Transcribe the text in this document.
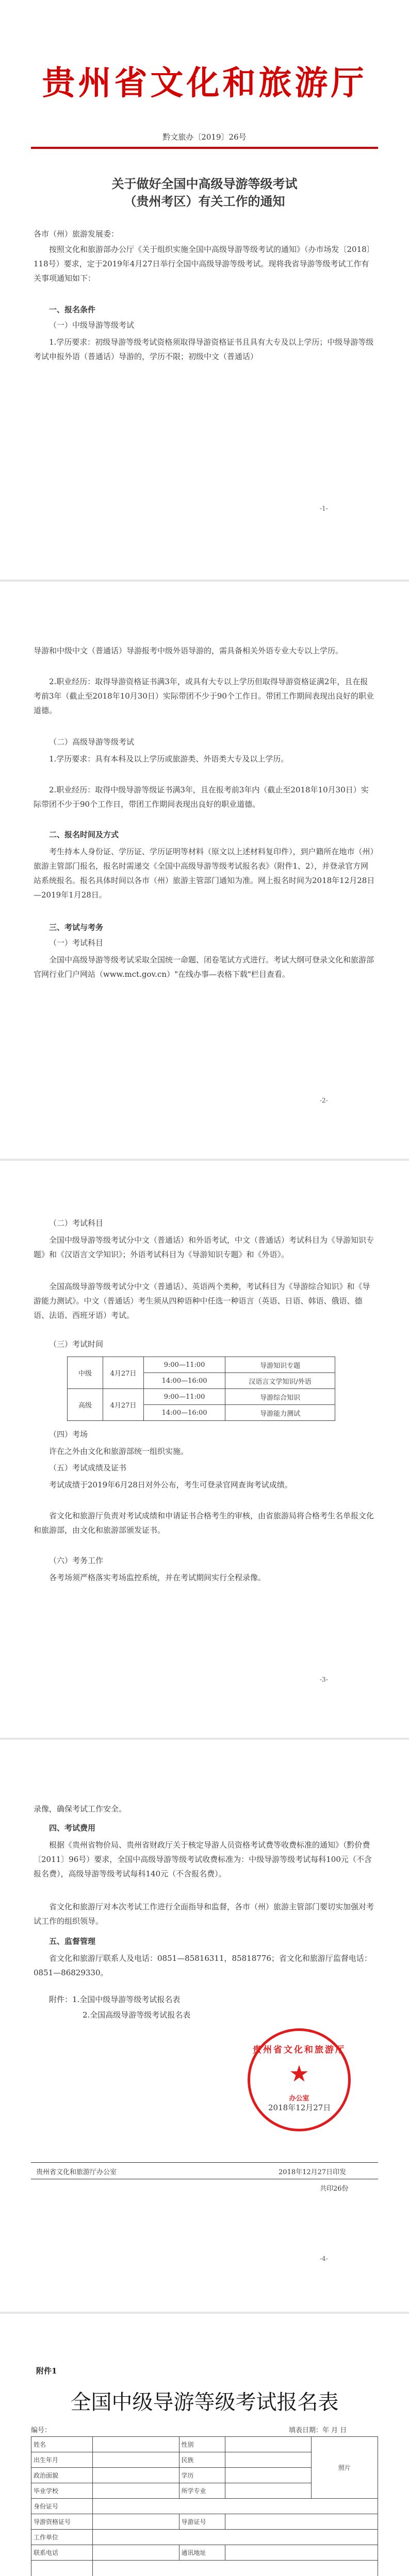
贵州省文化和旅游厅
黔文旅办〔2019〕26号
关于做好全国中高级导游等级考试
（贵州考区）有关工作的通知
各市（州）旅游发展委：
按照文化和旅游部办公厅《关于组织实施全国中高级导游等级考试的通知》（办市场发〔2018〕118号）要求，定于2019年4月27日举行全国中高级导游等级考试。现将我省导游等级考试工作有关事项通知如下：
一、报名条件
（一）中级导游等级考试
1.学历要求：初级导游等级考试资格须取得导游资格证书且具有大专及以上学历；中级导游等级考试申报外语（普通话）导游的，学历不限；初级中文（普通话）
-1-
导游和中级中文（普通话）导游报考中级外语导游的，需具备相关外语专业大专以上学历。
2.职业经历：取得导游资格证书满3年，或具有大专以上学历但取得导游资格证满2年，且在报考前3年（截止至2018年10月30日）实际带团不少于90个工作日。带团工作期间表现出良好的职业道德。
（二）高级导游等级考试
1.学历要求：具有本科及以上学历或旅游类、外语类大专及以上学历。
2.职业经历：取得中级导游等级证书满3年，且在报考前3年内（截止至2018年10月30日）实际带团不少于90个工作日，带团工作期间表现出良好的职业道德。
二、报名时间及方式
考生持本人身份证、学历证、学历证明等材料（原文以上述材料复印件），到户籍所在地市（州）旅游主管部门报名，报名时需递交《全国中高级导游等级考试报名表》（附件1、2），并登录官方网站系统报名。报名具体时间以各市（州）旅游主管部门通知为准。网上报名时间为2018年12月28日—2019年1月28日。
三、考试与考务
（一）考试科目
全国中高级导游等级考试采取全国统一命题、闭卷笔试方式进行。考试大纲可登录文化和旅游部官网行业门户网站（www.mct.gov.cn）"在线办事—表格下载"栏目查看。
-2-
（二）考试科目
全国中级导游等级考试分中文（普通话）和外语考试，中文（普通话）考试科目为《导游知识专题》和《汉语言文学知识》；外语考试科目为《导游知识专题》和《外语》。
全国高级导游等级考试分中文（普通话）、英语两个类种，考试科目为《导游综合知识》和《导游能力测试》。中文（普通话）考生须从四种语种中任选一种语言（英语、日语、韩语、俄语、德语、法语、西班牙语）考试。
（三）考试时间
中级	4月27日	9:00—11:00	导游知识专题
		14:00—16:00	汉语言文学知识/外语
高级	4月27日	9:00—11:00	导游综合知识
		14:00—16:00	导游能力测试
（四）考场
许在之外由文化和旅游部统一组织实施。
（五）考试成绩及证书
考试成绩于2019年6月28日对外公布，考生可登录官网查询考试成绩。
省文化和旅游厅负责对考试成绩和申请证书合格考生的审核，由省旅游局将合格考生名单报文化和旅游部，由文化和旅游部颁发证书。
（六）考务工作
各考场须严格落实考场监控系统，并在考试期间实行全程录像。
-3-
录像，确保考试工作安全。
四、考试费用
根据《贵州省物价局、贵州省财政厅关于核定导游人员资格考试费等收费标准的通知》（黔价费〔2011〕96号）要求，全国中高级导游等级考试收费标准为：中级导游等级考试每科100元（不含报名费），高级导游等级考试每科140元（不含报名费）。
省文化和旅游厅对本次考试工作进行全面指导和监督，各市（州）旅游主管部门要切实加强对考试工作的组织领导。
五、监督管理
省文化和旅游厅联系人及电话：0851—85816311，85818776；省文化和旅游厅监督电话：0851—86829330。
附件：1.全国中级导游等级考试报名表
2.全国高级导游等级考试报名表
贵州省文化和旅游厅
★
办公室
2018年12月27日
贵州省文化和旅游厅办公室	2018年12月27日印发
共印26份
-4-
附件1
全国中级导游等级考试报名表
编号：	填表日期：年 月 日
姓名		性别		照片
出生年月		民族		
政治面貌		学历		
毕业学校		所学专业		
身份证号				
导游资格证号		导游证号		
工作单位				
联系电话		通讯地址		
